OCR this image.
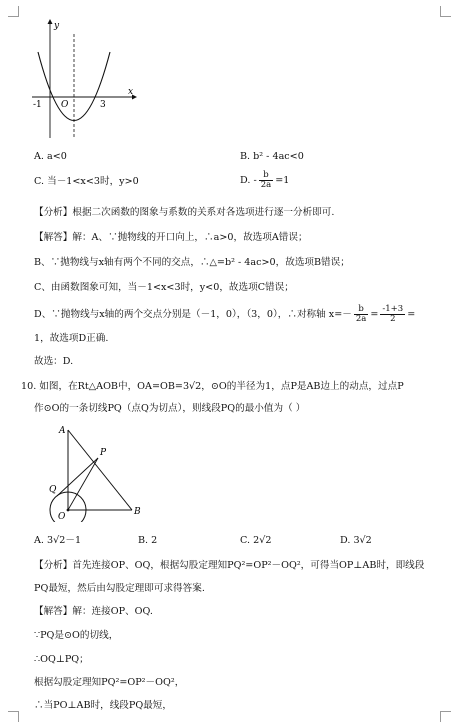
y
x
-1 O	3
A. a<0	B. b² - 4ac<0
C. 当－1<x<3时，y>0	D. - $\frac{b}{2a} =1$
【分析】根据二次函数的图象与系数的关系对各选项进行逐一分析即可.
【解答】解：A、∵抛物线的开口向上，∴a>0，故选项A错误；
B、∵抛物线与x轴有两个不同的交点，∴△=b² - 4ac>0，故选项B错误；
C、由函数图象可知，当－1<x<3时，y<0，故选项C错误；
D、∵抛物线与x轴的两个交点分别是（－1，0），（3，0），∴对称轴 $x=- \frac{b}{2a} = \frac{-1+3}{2}$ =
1，故选项D正确.
故选：D.
10. 如图，在Rt△AOB中，OA=OB=3√2，⊙O的半径为1，点P是AB边上的动点，过点P
作⊙O的一条切线PQ（点Q为切点），则线段PQ的最小值为（ ）
A
P
Q
O	B
A. 3√2－1	B. 2	C. 2√2	D. 3√2
【分析】首先连接OP、OQ，根据勾股定理知PQ²=OP²－OQ²，可得当OP⊥AB时，即线段
PQ最短，然后由勾股定理即可求得答案.
【解答】解：连接OP、OQ.
∵PQ是⊙O的切线，
∴OQ⊥PQ；
根据勾股定理知PQ²=OP²－OQ²，
∴当PO⊥AB时，线段PQ最短，
